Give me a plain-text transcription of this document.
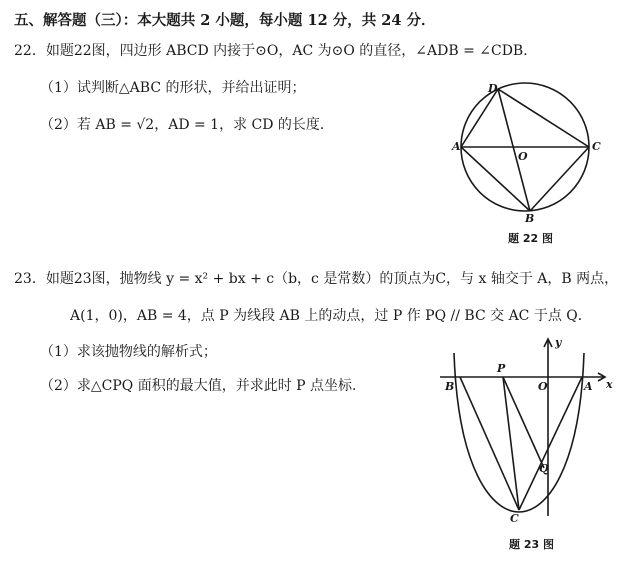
五、解答题（三）：本大题共 2 小题，每小题 12 分，共 24 分．
22．如题22图，四边形 ABCD 内接于⊙O，AC 为⊙O 的直径，∠ADB = ∠CDB．
（1）试判断△ABC 的形状，并给出证明；
（2）若 AB = √2，AD = 1，求 CD 的长度．
D
A
O
C
B
题 22 图
23．如题23图，抛物线 y = x² + bx + c（b，c 是常数）的顶点为C，与 x 轴交于 A，B 两点，
A(1，0)，AB = 4，点 P 为线段 AB 上的动点，过 P 作 PQ // BC 交 AC 于点 Q．
（1）求该抛物线的解析式；
（2）求△CPQ 面积的最大值，并求此时 P 点坐标．	B
P
O	A x
y
Q
C
题 23 图
